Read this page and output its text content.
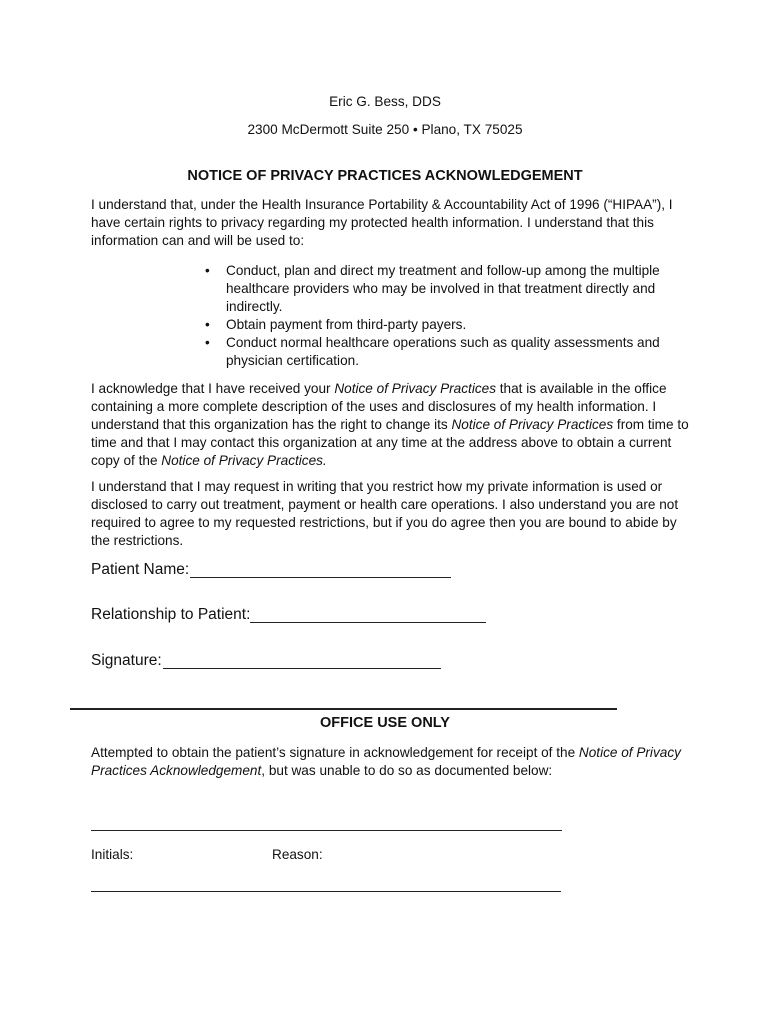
Eric G. Bess, DDS
2300 McDermott Suite 250 • Plano, TX 75025
NOTICE OF PRIVACY PRACTICES ACKNOWLEDGEMENT

I understand that, under the Health Insurance Portability & Accountability Act of 1996 (“HIPAA”), I have certain rights to privacy regarding my protected health information. I understand that this information can and will be used to:

• Conduct, plan and direct my treatment and follow-up among the multiple healthcare providers who may be involved in that treatment directly and indirectly.
• Obtain payment from third-party payers.
• Conduct normal healthcare operations such as quality assessments and physician certification.

I acknowledge that I have received your Notice of Privacy Practices that is available in the office containing a more complete description of the uses and disclosures of my health information. I understand that this organization has the right to change its Notice of Privacy Practices from time to time and that I may contact this organization at any time at the address above to obtain a current copy of the Notice of Privacy Practices.

I understand that I may request in writing that you restrict how my private information is used or disclosed to carry out treatment, payment or health care operations. I also understand you are not required to agree to my requested restrictions, but if you do agree then you are bound to abide by the restrictions.

Patient Name:
Relationship to Patient:
Signature:
OFFICE USE ONLY

Attempted to obtain the patient’s signature in acknowledgement for receipt of the Notice of Privacy Practices Acknowledgement, but was unable to do so as documented below:

Initials:	Reason:
